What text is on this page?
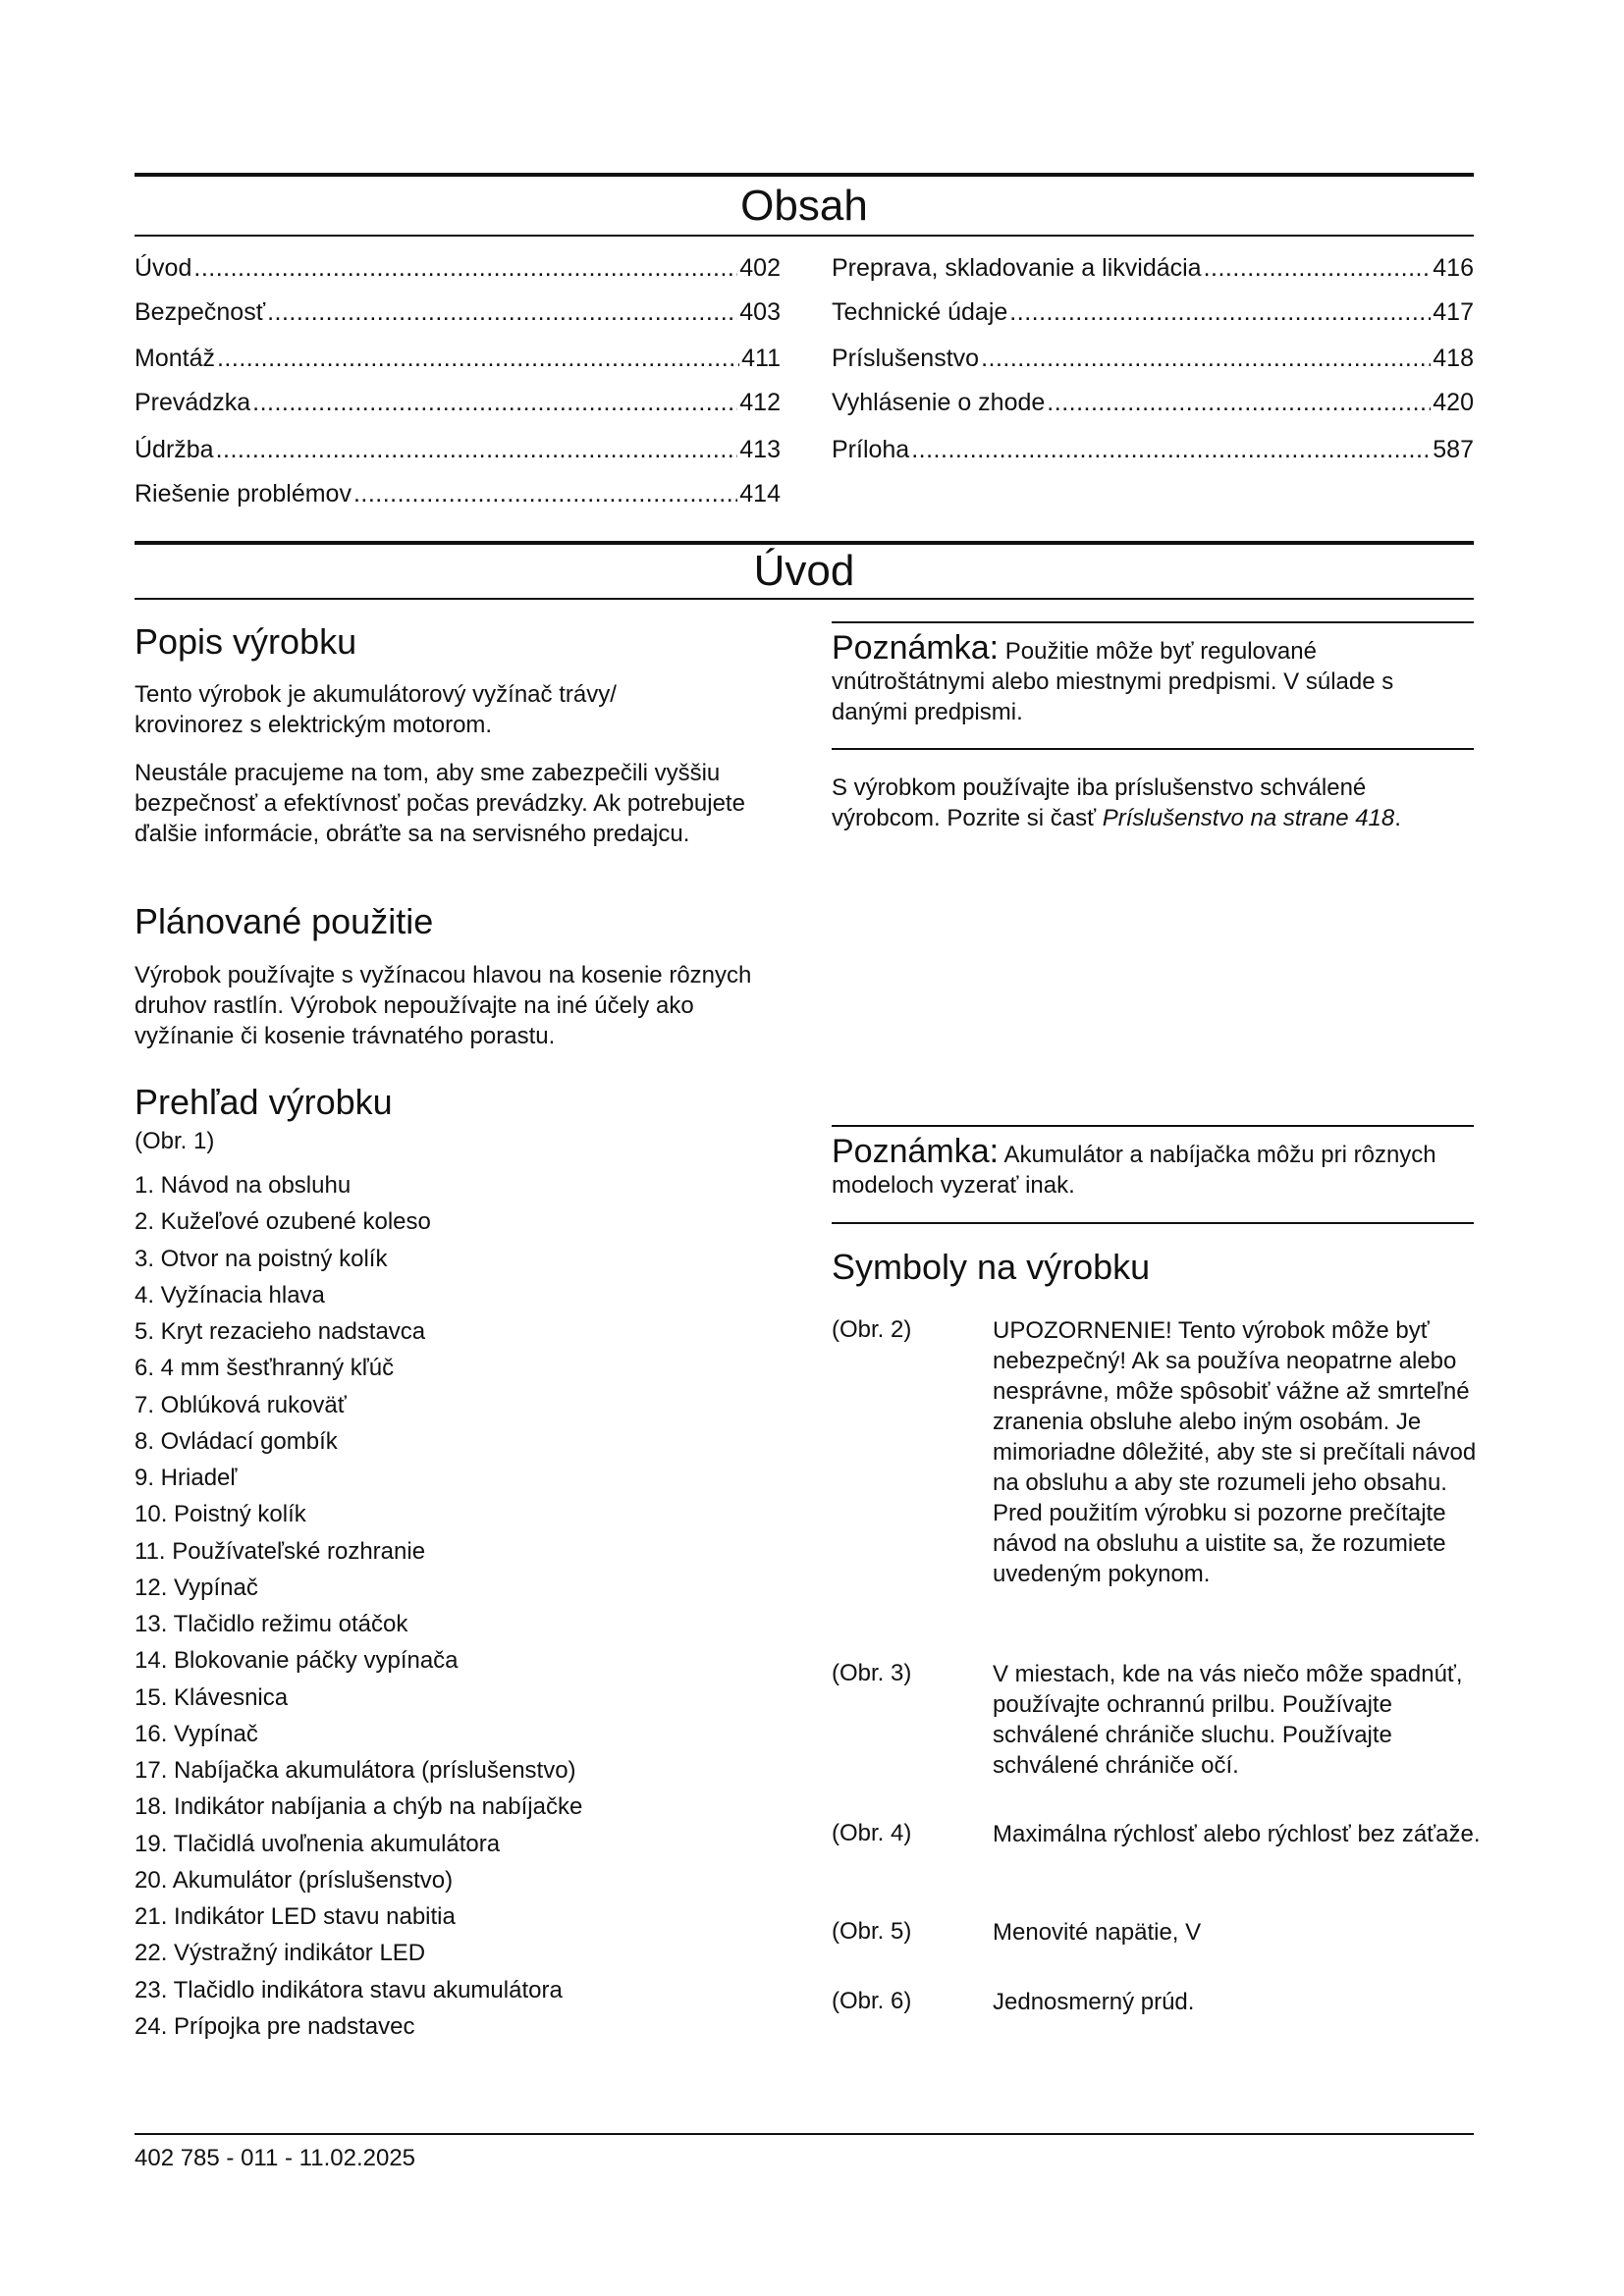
Obsah
Úvod .....	402
Bezpečnosť .....	403
Montáž .....	411
Prevádzka .....	412
Údržba .....	413
Riešenie problémov .....	414
Preprava, skladovanie a likvidácia .....	416
Technické údaje .....	417
Príslušenstvo .....	418
Vyhlásenie o zhode .....	420
Príloha .....	587
Úvod
Popis výrobku

Tento výrobok je akumulátorový vyžínač trávy/ krovinorez s elektrickým motorom.

Neustále pracujeme na tom, aby sme zabezpečili vyššiu bezpečnosť a efektívnosť počas prevádzky. Ak potrebujete ďalšie informácie, obráťte sa na servisného predajcu.

Plánované použitie

Výrobok používajte s vyžínacou hlavou na kosenie rôznych druhov rastlín. Výrobok nepoužívajte na iné účely ako vyžínanie či kosenie trávnatého porastu.

Prehľad výrobku
(Obr. 1)
1. Návod na obsluhu
2. Kužeľové ozubené koleso
3. Otvor na poistný kolík
4. Vyžínacia hlava
5. Kryt rezacieho nadstavca
6. 4 mm šesťhranný kľúč
7. Oblúková rukoväť
8. Ovládací gombík
9. Hriadeľ
10. Poistný kolík
11. Používateľské rozhranie
12. Vypínač
13. Tlačidlo režimu otáčok
14. Blokovanie páčky vypínača
15. Klávesnica
16. Vypínač
17. Nabíjačka akumulátora (príslušenstvo)
18. Indikátor nabíjania a chýb na nabíjačke
19. Tlačidlá uvoľnenia akumulátora
20. Akumulátor (príslušenstvo)
21. Indikátor LED stavu nabitia
22. Výstražný indikátor LED
23. Tlačidlo indikátora stavu akumulátora
24. Prípojka pre nadstavec

Poznámka: Použitie môže byť regulované vnútroštátnymi alebo miestnymi predpismi. V súlade s danými predpismi.

S výrobkom používajte iba príslušenstvo schválené výrobcom. Pozrite si časť Príslušenstvo na strane 418.

Poznámka: Akumulátor a nabíjačka môžu pri rôznych modeloch vyzerať inak.

Symboly na výrobku
(Obr. 2)	UPOZORNENIE! Tento výrobok môže byť nebezpečný! Ak sa používa neopatrne alebo nesprávne, môže spôsobiť vážne až smrteľné zranenia obsluhe alebo iným osobám. Je mimoriadne dôležité, aby ste si prečítali návod na obsluhu a aby ste rozumeli jeho obsahu. Pred použitím výrobku si pozorne prečítajte návod na obsluhu a uistite sa, že rozumiete uvedeným pokynom.

(Obr. 3)	V miestach, kde na vás niečo môže spadnúť, používajte ochrannú prilbu. Používajte schválené chrániče sluchu. Používajte schválené chrániče očí.

(Obr. 4)	Maximálna rýchlosť alebo rýchlosť bez záťaže.

(Obr. 5)	Menovité napätie, V

(Obr. 6)	Jednosmerný prúd.

402 785 - 011 - 11.02.2025
